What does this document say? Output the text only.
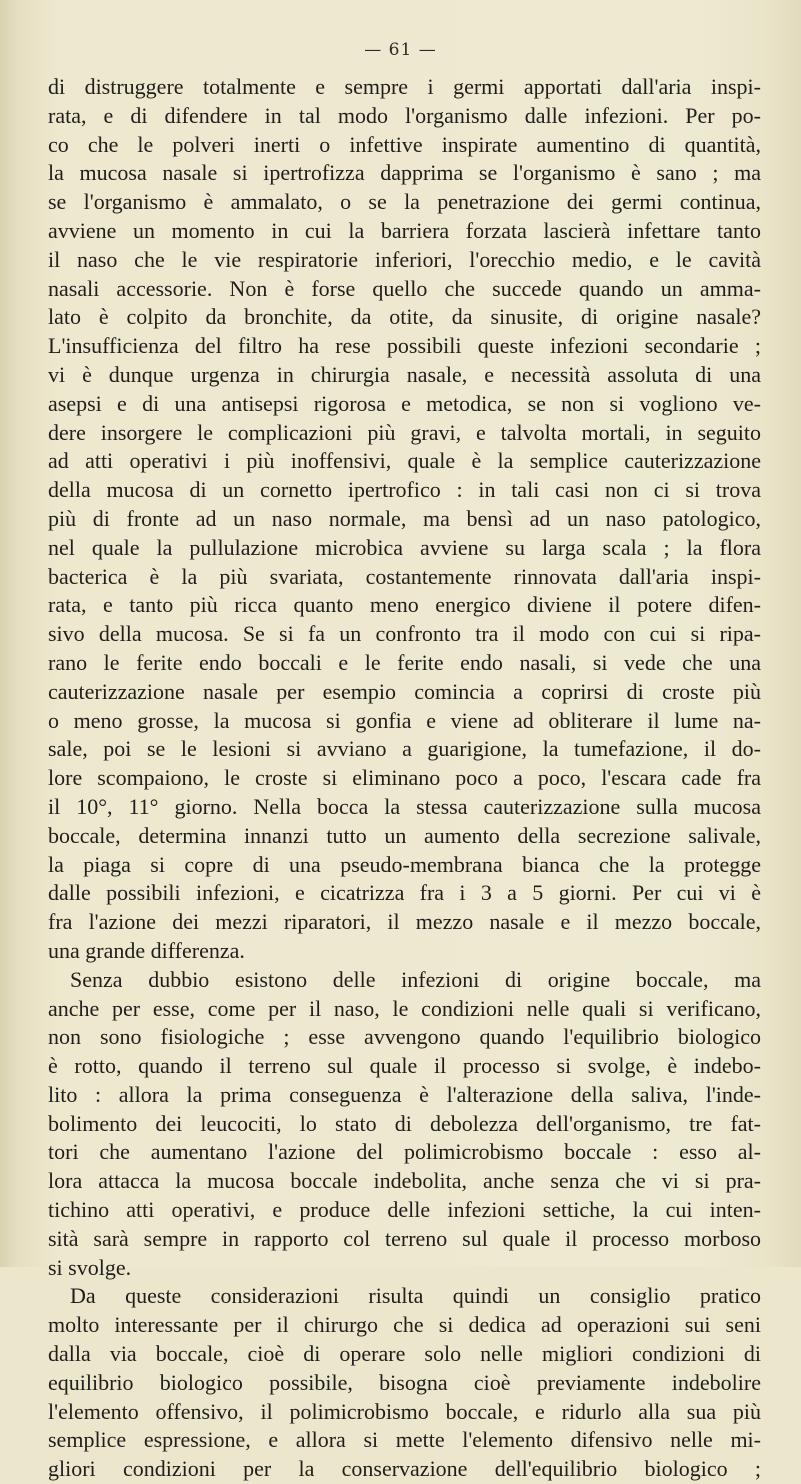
— 61 —
di distruggere totalmente e sempre i germi apportati dall'aria inspi-
rata, e di difendere in tal modo l'organismo dalle infezioni. Per po-
co che le polveri inerti o infettive inspirate aumentino di quantità,
la mucosa nasale si ipertrofizza dapprima se l'organismo è sano ; ma
se l'organismo è ammalato, o se la penetrazione dei germi continua,
avviene un momento in cui la barriera forzata lascierà infettare tanto
il naso che le vie respiratorie inferiori, l'orecchio medio, e le cavità
nasali accessorie. Non è forse quello che succede quando un amma-
lato è colpito da bronchite, da otite, da sinusite, di origine nasale?
L'insufficienza del filtro ha rese possibili queste infezioni secondarie ;
vi è dunque urgenza in chirurgia nasale, e necessità assoluta di una
asepsi e di una antisepsi rigorosa e metodica, se non si vogliono ve-
dere insorgere le complicazioni più gravi, e talvolta mortali, in seguito
ad atti operativi i più inoffensivi, quale è la semplice cauterizzazione
della mucosa di un cornetto ipertrofico : in tali casi non ci si trova
più di fronte ad un naso normale, ma bensì ad un naso patologico,
nel quale la pullulazione microbica avviene su larga scala ; la flora
bacterica è la più svariata, costantemente rinnovata dall'aria inspi-
rata, e tanto più ricca quanto meno energico diviene il potere difen-
sivo della mucosa. Se si fa un confronto tra il modo con cui si ripa-
rano le ferite endo boccali e le ferite endo nasali, si vede che una
cauterizzazione nasale per esempio comincia a coprirsi di croste più
o meno grosse, la mucosa si gonfia e viene ad obliterare il lume na-
sale, poi se le lesioni si avviano a guarigione, la tumefazione, il do-
lore scompaiono, le croste si eliminano poco a poco, l'escara cade fra
il 10°, 11° giorno. Nella bocca la stessa cauterizzazione sulla mucosa
boccale, determina innanzi tutto un aumento della secrezione salivale,
la piaga si copre di una pseudo-membrana bianca che la protegge
dalle possibili infezioni, e cicatrizza fra i 3 a 5 giorni. Per cui vi è
fra l'azione dei mezzi riparatori, il mezzo nasale e il mezzo boccale,
una grande differenza.
Senza dubbio esistono delle infezioni di origine boccale, ma
anche per esse, come per il naso, le condizioni nelle quali si verificano,
non sono fisiologiche ; esse avvengono quando l'equilibrio biologico
è rotto, quando il terreno sul quale il processo si svolge, è indebo-
lito : allora la prima conseguenza è l'alterazione della saliva, l'inde-
bolimento dei leucociti, lo stato di debolezza dell'organismo, tre fat-
tori che aumentano l'azione del polimicrobismo boccale : esso al-
lora attacca la mucosa boccale indebolita, anche senza che vi si pra-
tichino atti operativi, e produce delle infezioni settiche, la cui inten-
sità sarà sempre in rapporto col terreno sul quale il processo morboso
si svolge.
Da queste considerazioni risulta quindi un consiglio pratico
molto interessante per il chirurgo che si dedica ad operazioni sui seni
dalla via boccale, cioè di operare solo nelle migliori condizioni di
equilibrio biologico possibile, bisogna cioè previamente indebolire
l'elemento offensivo, il polimicrobismo boccale, e ridurlo alla sua più
semplice espressione, e allora si mette l'elemento difensivo nelle mi-
gliori condizioni per la conservazione dell'equilibrio biologico ;
